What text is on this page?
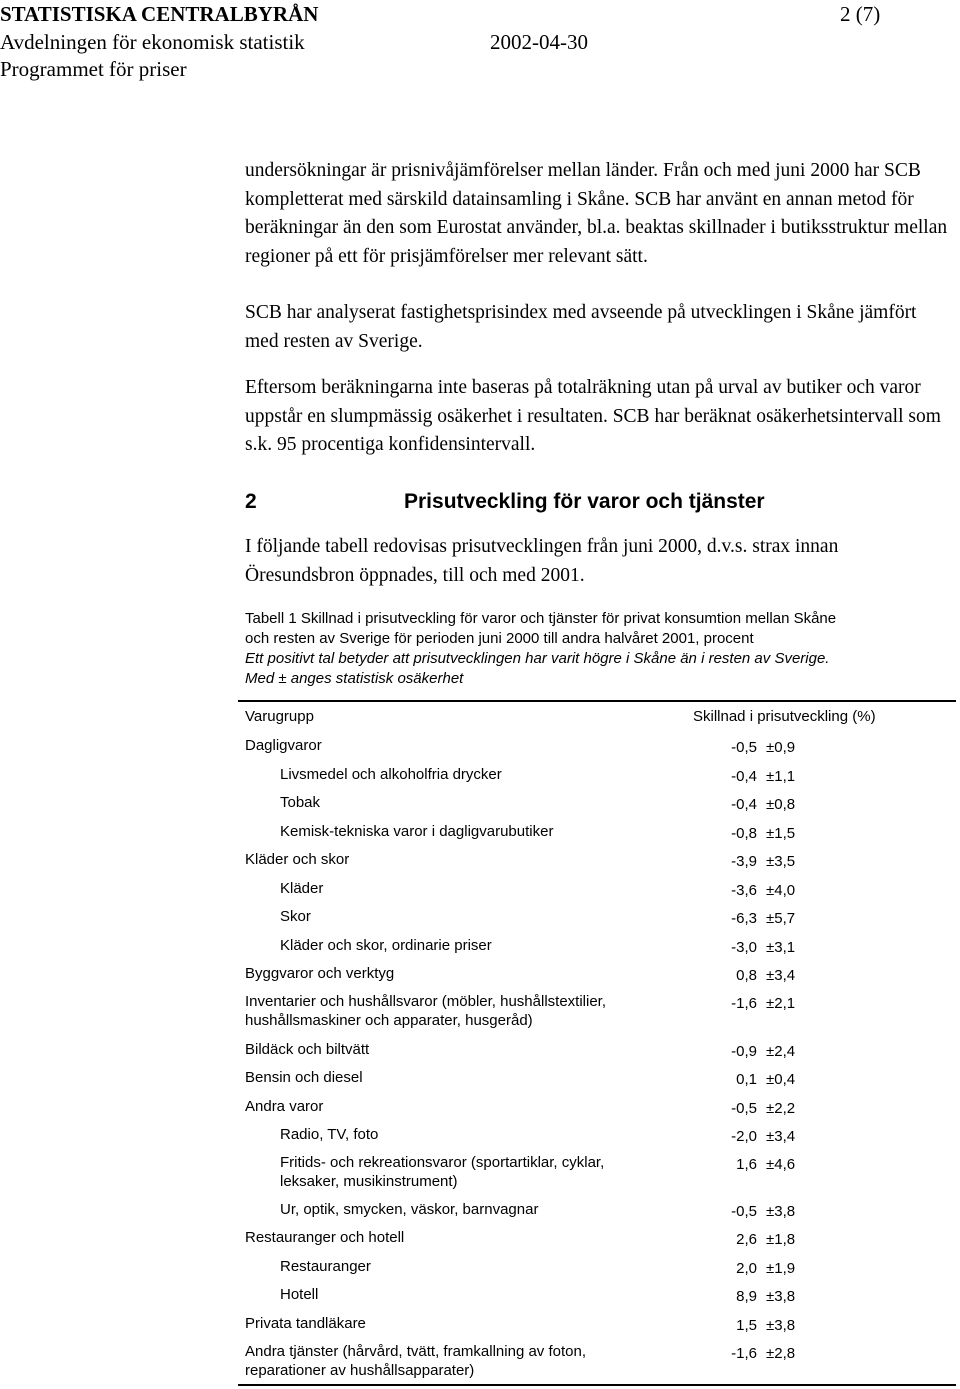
STATISTISKA CENTRALBYRÅN	2 (7)
Avdelningen för ekonomisk statistik	2002-04-30
Programmet för priser

undersökningar är prisnivåjämförelser mellan länder. Från och med juni 2000 har SCB kompletterat med särskild datainsamling i Skåne. SCB har använt en annan metod för beräkningar än den som Eurostat använder, bl.a. beaktas skillnader i butiksstruktur mellan regioner på ett för prisjämförelser mer relevant sätt.

SCB har analyserat fastighetsprisindex med avseende på utvecklingen i Skåne jämfört med resten av Sverige.

Eftersom beräkningarna inte baseras på totalräkning utan på urval av butiker och varor uppstår en slumpmässig osäkerhet i resultaten. SCB har beräknat osäkerhetsintervall som s.k. 95 procentiga konfidensintervall.

2	Prisutveckling för varor och tjänster

I följande tabell redovisas prisutvecklingen från juni 2000, d.v.s. strax innan Öresundsbron öppnades, till och med 2001.

Tabell 1 Skillnad i prisutveckling för varor och tjänster för privat konsumtion mellan Skåne
och resten av Sverige för perioden juni 2000 till andra halvåret 2001, procent
Ett positivt tal betyder att prisutvecklingen har varit högre i Skåne än i resten av Sverige.
Med ± anges statistisk osäkerhet
Varugrupp	Skillnad i prisutveckling (%)
Dagligvaror	-0,5 ±0,9
Livsmedel och alkoholfria drycker	-0,4 ±1,1
Tobak	-0,4 ±0,8
Kemisk-tekniska varor i dagligvarubutiker	-0,8 ±1,5
Kläder och skor	-3,9 ±3,5
Kläder	-3,6 ±4,0
Skor	-6,3 ±5,7
Kläder och skor, ordinarie priser	-3,0 ±3,1
Byggvaror och verktyg	0,8 ±3,4
Inventarier och hushållsvaror (möbler, hushållstextilier,
hushållsmaskiner och apparater, husgeråd)
-1,6 ±2,1
Bildäck och biltvätt	-0,9 ±2,4
Bensin och diesel	0,1 ±0,4
Andra varor	-0,5 ±2,2
Radio, TV, foto	-2,0 ±3,4
Fritids- och rekreationsvaror (sportartiklar, cyklar,
leksaker, musikinstrument)
1,6 ±4,6
Ur, optik, smycken, väskor, barnvagnar	-0,5 ±3,8
Restauranger och hotell	2,6 ±1,8
Restauranger	2,0 ±1,9
Hotell	8,9 ±3,8
Privata tandläkare	1,5 ±3,8
Andra tjänster (hårvård, tvätt, framkallning av foton,
reparationer av hushållsapparater)
-1,6 ±2,8
